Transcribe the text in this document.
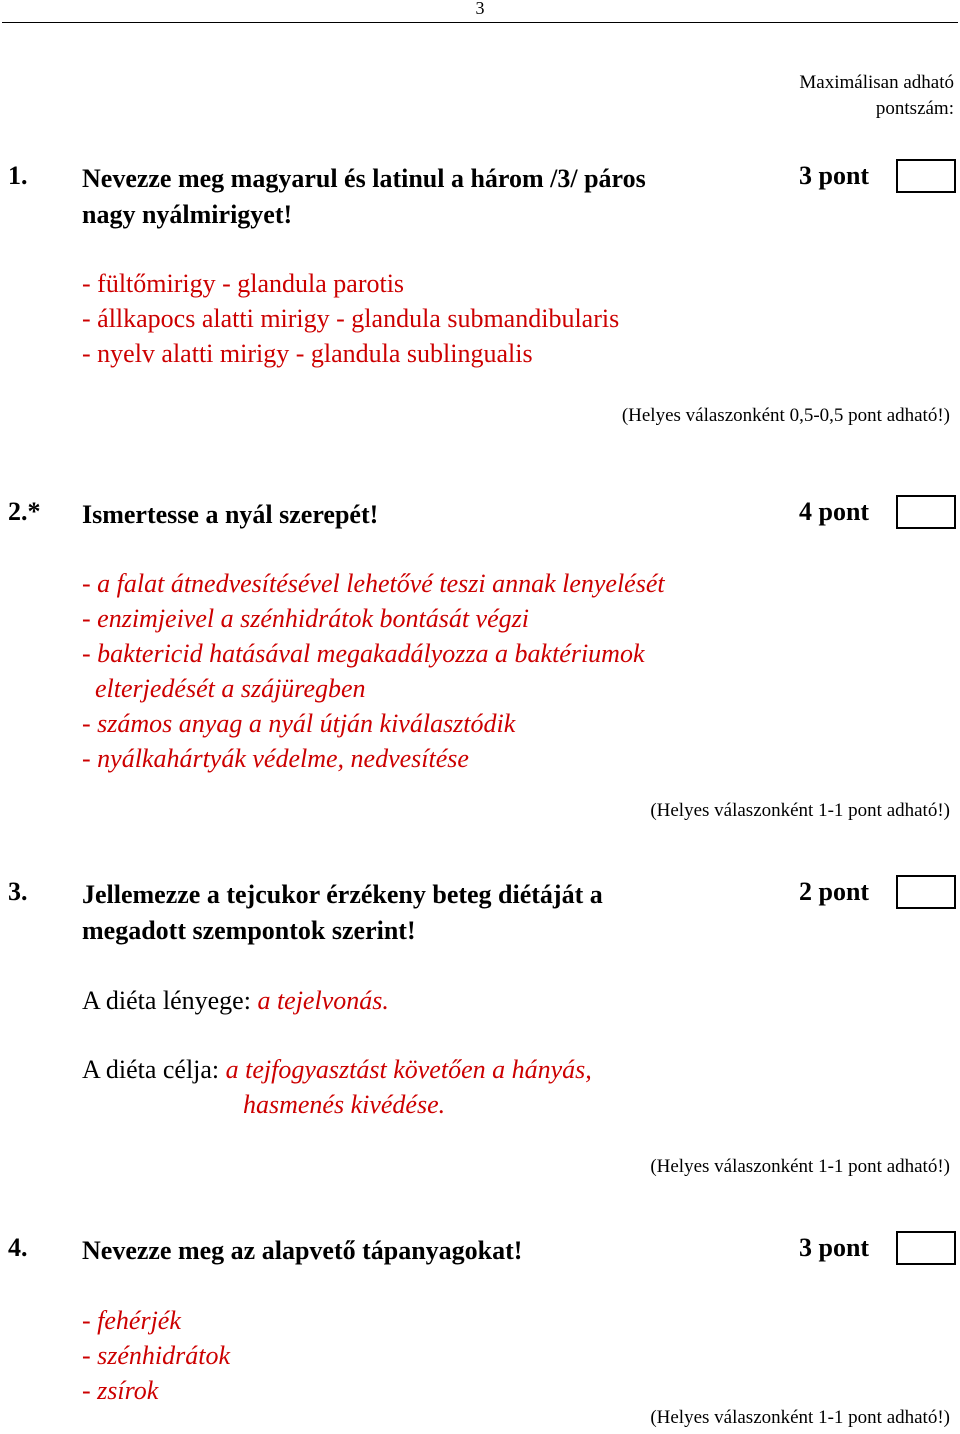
3
Maximálisan adható
pontszám:
1. Nevezze meg magyarul és latinul a három /3/ páros
nagy nyálmirigyet!
3 pont
- fültőmirigy - glandula parotis
- állkapocs alatti mirigy - glandula submandibularis
- nyelv alatti mirigy - glandula sublingualis
(Helyes válaszonként 0,5-0,5 pont adható!)
2.* Ismertesse a nyál szerepét!	4 pont
- a falat átnedvesítésével lehetővé teszi annak lenyelését
- enzimjeivel a szénhidrátok bontását végzi
- baktericid hatásával megakadályozza a baktériumok
elterjedését a szájüregben
- számos anyag a nyál útján kiválasztódik
- nyálkahártyák védelme, nedvesítése
(Helyes válaszonként 1-1 pont adható!)
3. Jellemezze a tejcukor érzékeny beteg diétáját a
megadott szempontok szerint!
2 pont
A diéta lényege: a tejelvonás.
A diéta célja: a tejfogyasztást követően a hányás,
hasmenés kivédése.
(Helyes válaszonként 1-1 pont adható!)
4. Nevezze meg az alapvető tápanyagokat!	3 pont
- fehérjék
- szénhidrátok
- zsírok
(Helyes válaszonként 1-1 pont adható!)
